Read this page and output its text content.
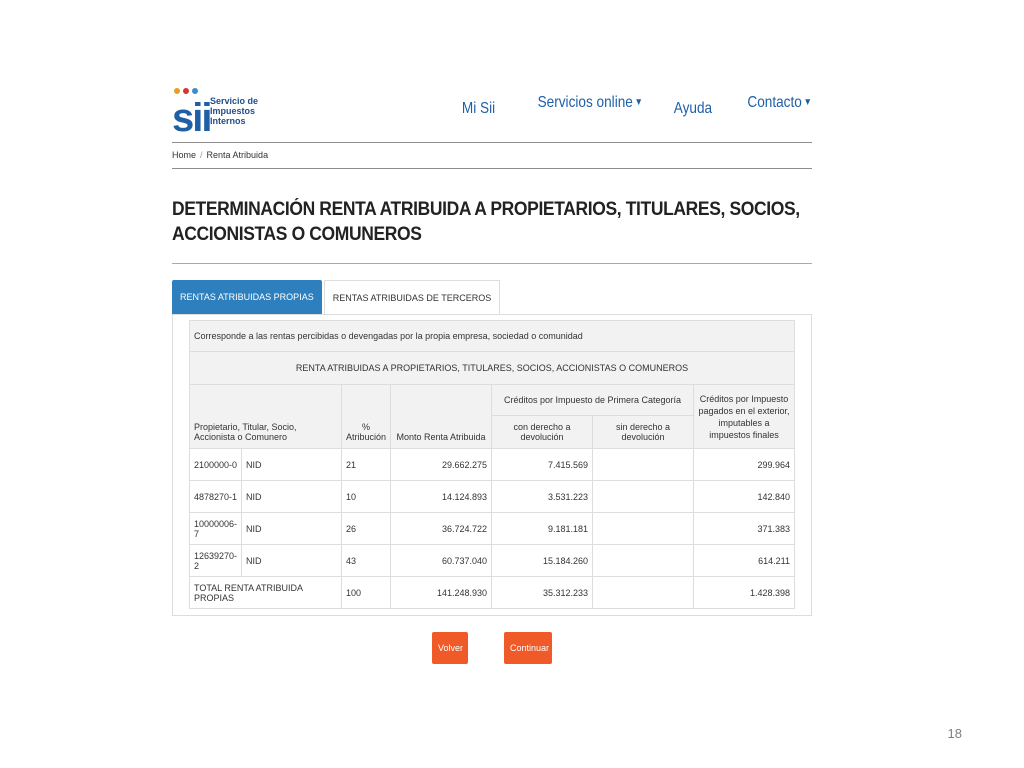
sii Servicio de
Impuestos
Internos
Mi Sii	Servicios online ▼ Ayuda Contacto ▼
Home / Renta Atribuida
DETERMINACIÓN RENTA ATRIBUIDA A PROPIETARIOS, TITULARES, SOCIOS, ACCIONISTAS O COMUNEROS
RENTAS ATRIBUIDAS PROPIAS	RENTAS ATRIBUIDAS DE TERCEROS
Corresponde a las rentas percibidas o devengadas por la propia empresa, sociedad o comunidad						
RENTA ATRIBUIDAS A PROPIETARIOS, TITULARES, SOCIOS, ACCIONISTAS O COMUNEROS						
Propietario, Titular, Socio, Accionista o Comunero		% Atribución	Monto Renta Atribuida	Créditos por Impuesto de Primera Categoría		Créditos por Impuesto pagados en el exterior, imputables a impuestos finales
				con derecho a devolución	sin derecho a devolución	
2100000-0	NID	21	29.662.275	7.415.569		299.964
4878270-1	NID	10	14.124.893	3.531.223		142.840
10000006-7	NID	26	36.724.722	9.181.181		371.383
12639270-2	NID	43	60.737.040	15.184.260		614.211
TOTAL RENTA ATRIBUIDA PROPIAS		100	141.248.930	35.312.233		1.428.398
Volver	Continuar
18
